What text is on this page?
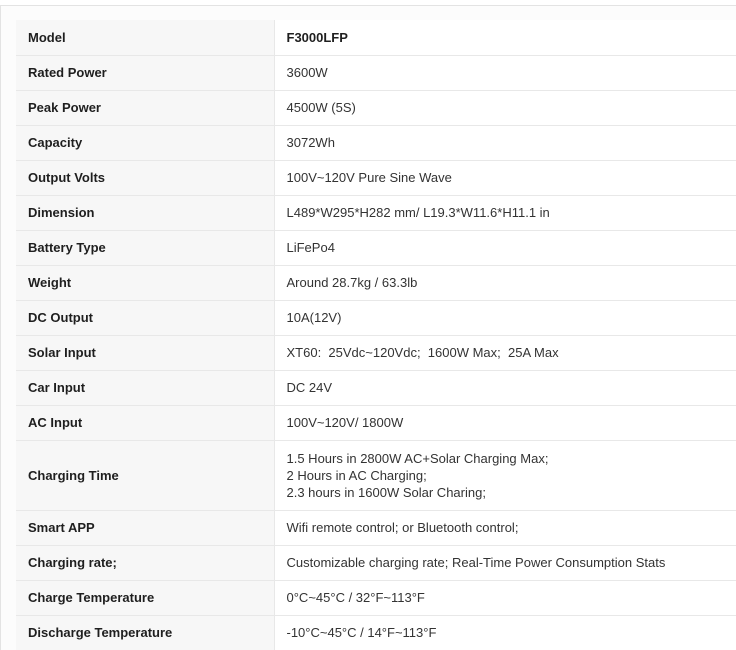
Model	F3000LFP
Rated Power	3600W
Peak Power	4500W (5S)
Capacity	3072Wh
Output Volts	100V~120V Pure Sine Wave
Dimension	L489*W295*H282 mm/ L19.3*W11.6*H11.1 in
Battery Type	LiFePo4
Weight	Around 28.7kg / 63.3lb
DC Output	10A(12V)
Solar Input	XT60:  25Vdc~120Vdc;  1600W Max;  25A Max
Car Input	DC 24V
AC Input	100V~120V/ 1800W
Charging Time	1.5 Hours in 2800W AC+Solar Charging Max;
2 Hours in AC Charging;
2.3 hours in 1600W Solar Charing;

Smart APP	Wifi remote control; or Bluetooth control;
Charging rate;	Customizable charging rate; Real-Time Power Consumption Stats
Charge Temperature	0°C~45°C / 32°F~113°F
Discharge Temperature	-10°C~45°C / 14°F~113°F
